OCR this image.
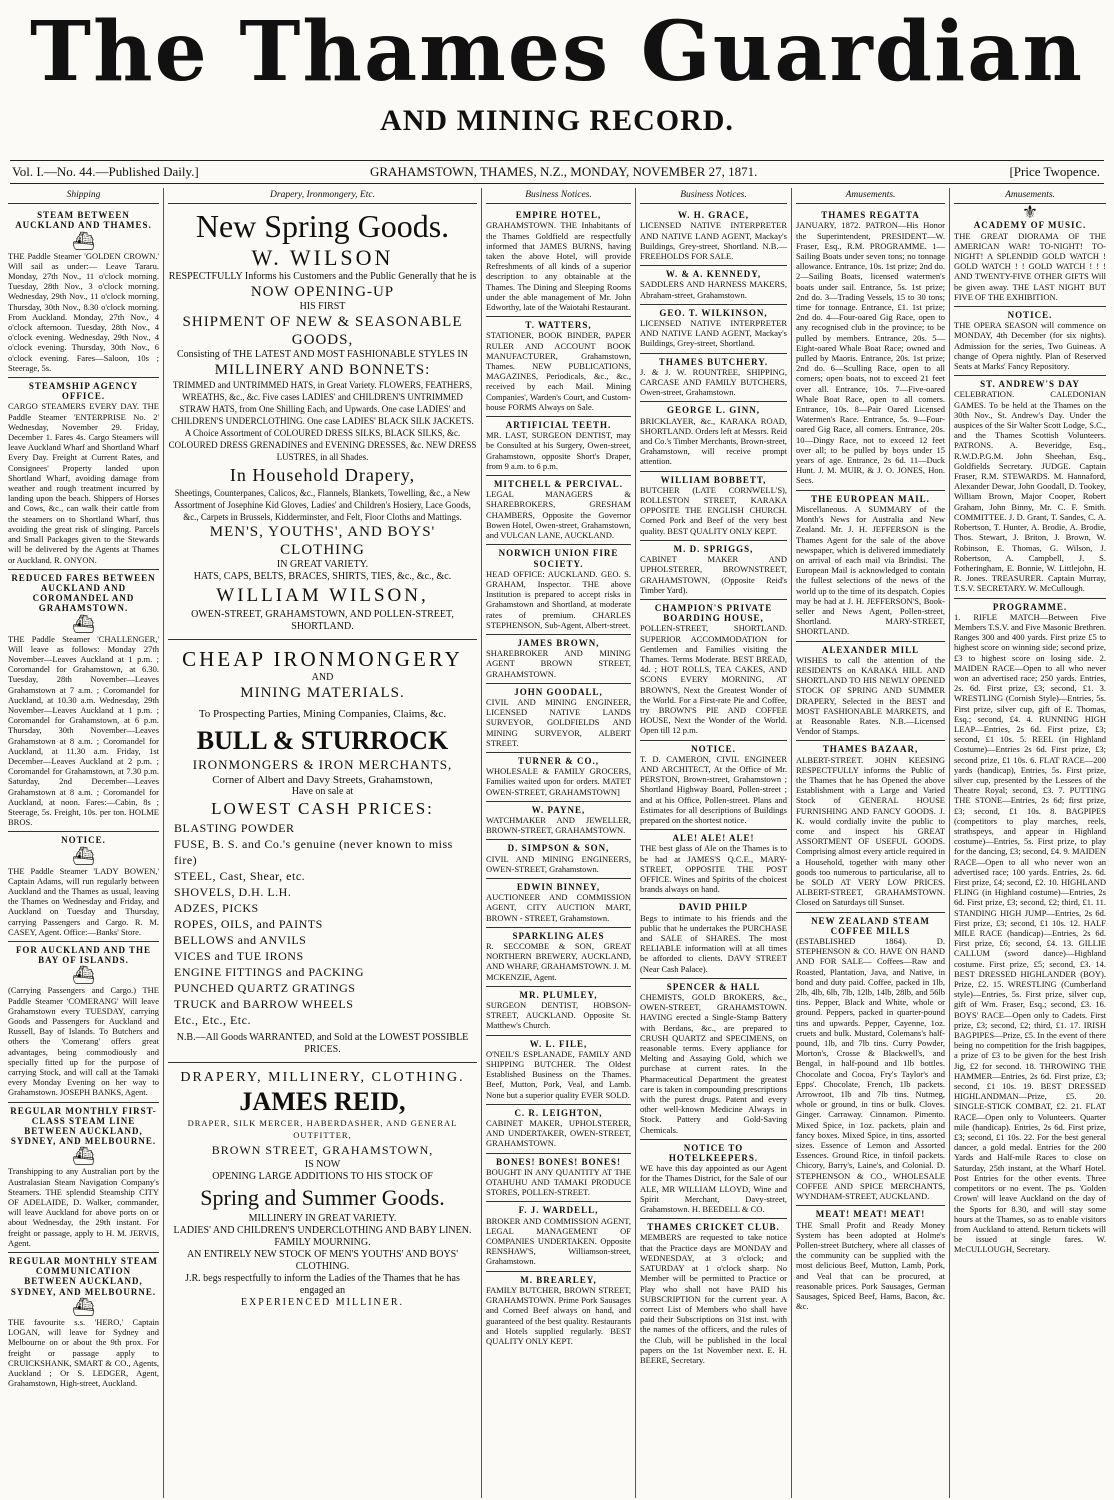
The Thames Guardian
AND MINING RECORD.
Vol. I.—No. 44.—Published Daily.]	GRAHAMSTOWN, THAMES, N.Z., MONDAY, NOVEMBER 27, 1871.	[Price Twopence.
Shipping
STEAM BETWEEN AUCKLAND AND THAMES.
⛴
THE Paddle Steamer 'GOLDEN CROWN.' Will sail as under:— Leave Tararu. Monday, 27th Nov., 11 o'clock morning. Tuesday, 28th Nov., 3 o'clock morning. Wednesday, 29th Nov., 11 o'clock morning. Thursday, 30th Nov., 8.30 o'clock morning. From Auckland. Monday, 27th Nov., 4 o'clock afternoon. Tuesday, 28th Nov., 4 o'clock evening. Wednesday, 29th Nov., 4 o'clock evening. Thursday, 30th Nov., 6 o'clock evening. Fares—Saloon, 10s ; Steerage, 5s.
STEAMSHIP AGENCY OFFICE.
CARGO STEAMERS EVERY DAY. THE Paddle Steamer 'ENTERPRISE No. 2' Wednesday, November 29. Friday, December 1. Fares 4s. Cargo Steamers will leave Auckland Wharf and Shortland Wharf Every Day. Freight at Current Rates, and Consignees' Property landed upon Shortland Wharf, avoiding damage from weather and rough treatment incurred by landing upon the beach. Shippers of Horses and Cows, &c., can walk their cattle from the steamers on to Shortland Wharf, thus avoiding the great risk of slinging. Parcels and Small Packages given to the Stewards will be delivered by the Agents at Thames or Auckland. R. ONYON.
REDUCED FARES BETWEEN AUCKLAND AND COROMANDEL AND GRAHAMSTOWN.
⛴
THE Paddle Steamer 'CHALLENGER,' Will leave as follows: Monday 27th November—Leaves Auckland at 1 p.m. ; Coromandel for Grahamstown, at 6.30. Tuesday, 28th November—Leaves Grahamstown at 7 a.m. ; Coromandel for Auckland, at 10.30 a.m. Wednesday, 29th November—Leaves Auckland at 1 p.m. ; Coromandel for Grahamstown, at 6 p.m. Thursday, 30th November—Leaves Grahamstown at 8 a.m. ; Coromandel for Auckland, at 11.30 a.m. Friday, 1st December—Leaves Auckland at 2 p.m. ; Coromandel for Grahamstown, at 7.30 p.m. Saturday, 2nd December—Leaves Grahamstown at 8 a.m. ; Coromandel for Auckland, at noon. Fares:—Cabin, 8s ; Steerage, 5s. Freight, 10s. per ton. HOLME BROS.
NOTICE.
⛴
THE Paddle Steamer 'LADY BOWEN,' Captain Adams, will run regularly between Auckland and the Thames as usual, leaving the Thames on Wednesday and Friday, and Auckland on Tuesday and Thursday, carrying Passengers and Cargo. R. M. CASEY, Agent. Office:—Banks' Store.
FOR AUCKLAND AND THE BAY OF ISLANDS.
⛴
(Carrying Passengers and Cargo.) THE Paddle Steamer 'COMERANG' Will leave Grahamstown every TUESDAY, carrying Goods and Passengers for Auckland and Russell, Bay of Islands. To Butchers and others the 'Comerang' offers great advantages, being commodiously and specially fitted up for the purpose of carrying Stock, and will call at the Tamaki every Monday Evening on her way to Grahamstown. JOSEPH BANKS, Agent.
REGULAR MONTHLY FIRST-CLASS STEAM LINE BETWEEN AUCKLAND, SYDNEY, AND MELBOURNE.
⛴
Transhipping to any Australian port by the Australasian Steam Navigation Company's Steamers. THE splendid Steamship CITY OF ADELAIDE, D. Walker, commander, will leave Auckland for above ports on or about Wednesday, the 29th instant. For freight or passage, apply to H. M. JERVIS, Agent.
REGULAR MONTHLY STEAM COMMUNICATION BETWEEN AUCKLAND, SYDNEY, AND MELBOURNE.
⛴
THE favourite s.s. 'HERO,' Captain LOGAN, will leave for Sydney and Melbourne on or about the 9th prox. For freight or passage apply to CRUICKSHANK, SMART & CO., Agents, Auckland ; Or S. LEDGER, Agent, Grahamstown, High-street, Auckland.
Drapery, Ironmongery, Etc.
New Spring Goods.
W. WILSON
RESPECTFULLY Informs his Customers and the Public Generally that he is
NOW OPENING-UP
HIS FIRST
SHIPMENT OF NEW & SEASONABLE GOODS,
Consisting of THE LATEST AND MOST FASHIONABLE STYLES IN
MILLINERY AND BONNETS:
TRIMMED and UNTRIMMED HATS, in Great Variety. FLOWERS, FEATHERS, WREATHS, &c., &c. Five cases LADIES' and CHILDREN'S UNTRIMMED STRAW HATS, from One Shilling Each, and Upwards. One case LADIES' and CHILDREN'S UNDERCLOTHING. One case LADIES' BLACK SILK JACKETS. A Choice Assortment of COLOURED DRESS SILKS, BLACK SILKS, &c. COLOURED DRESS GRENADINES and EVENING DRESSES, &c. NEW DRESS LUSTRES, in all Shades.
In Household Drapery,
Sheetings, Counterpanes, Calicos, &c., Flannels, Blankets, Towelling, &c., a New Assortment of Josephine Kid Gloves, Ladies' and Children's Hosiery, Lace Goods, &c., Carpets in Brussels, Kidderminster, and Felt, Floor Cloths and Mattings.
MEN'S, YOUTHS', AND BOYS' CLOTHING
IN GREAT VARIETY.
HATS, CAPS, BELTS, BRACES, SHIRTS, TIES, &c., &c., &c.
WILLIAM WILSON,
OWEN-STREET, GRAHAMSTOWN, AND POLLEN-STREET, SHORTLAND.
CHEAP IRONMONGERY
AND
MINING MATERIALS.
To Prospecting Parties, Mining Companies, Claims, &c.
BULL & STURROCK
IRONMONGERS & IRON MERCHANTS,
Corner of Albert and Davy Streets, Grahamstown,
Have on sale at
LOWEST CASH PRICES:
BLASTING POWDER
FUSE, B. S. and Co.'s genuine (never known to miss fire)
STEEL, Cast, Shear, etc.
SHOVELS, D.H. L.H.
ADZES, PICKS
ROPES, OILS, and PAINTS
BELLOWS and ANVILS
VICES and TUE IRONS
ENGINE FITTINGS and PACKING
PUNCHED QUARTZ GRATINGS
TRUCK and BARROW WHEELS
Etc., Etc., Etc.
N.B.—All Goods WARRANTED, and Sold at the LOWEST POSSIBLE PRICES.
DRAPERY, MILLINERY, CLOTHING.
JAMES REID,
DRAPER, SILK MERCER, HABERDASHER, AND GENERAL OUTFITTER,
BROWN STREET, GRAHAMSTOWN,
IS NOW
OPENING LARGE ADDITIONS TO HIS STOCK OF
Spring and Summer Goods.
MILLINERY IN GREAT VARIETY.
LADIES' AND CHILDREN'S UNDERCLOTHING AND BABY LINEN.
FAMILY MOURNING.
AN ENTIRELY NEW STOCK OF MEN'S YOUTHS' AND BOYS' CLOTHING.
J.R. begs respectfully to inform the Ladies of the Thames that he has engaged an
EXPERIENCED MILLINER.
Business Notices.
EMPIRE HOTEL,
GRAHAMSTOWN. THE Inhabitants of the Thames Goldfield are respectfully informed that JAMES BURNS, having taken the above Hotel, will provide Refreshments of all kinds of a superior description to any obtainable at the Thames. The Dining and Sleeping Rooms under the able management of Mr. John Edworthy, late of the Waiotahi Restaurant.
T. WATTERS,
STATIONER, BOOK BINDER, PAPER RULER AND ACCOUNT BOOK MANUFACTURER, Grahamstown, Thames. NEW PUBLICATIONS, MAGAZINES, Periodicals, &c., &c., received by each Mail. Mining Companies', Warden's Court, and Custom-house FORMS Always on Sale.
ARTIFICIAL TEETH.
MR. LAST, SURGEON DENTIST, may be Consulted at his Surgery, Owen-street, Grahamstown, opposite Short's Draper, from 9 a.m. to 6 p.m.
MITCHELL & PERCIVAL.
LEGAL MANAGERS & SHAREBROKERS, GRESHAM CHAMBERS, Opposite the Governor Bowen Hotel, Owen-street, Grahamstown, and VULCAN LANE, AUCKLAND.
NORWICH UNION FIRE SOCIETY.
HEAD OFFICE: AUCKLAND. GEO. S. GRAHAM, Inspector. THE above Institution is prepared to accept risks in Grahamstown and Shortland, at moderate rates of premium. CHARLES STEPHENSON, Sub-Agent, Albert-street.
JAMES BROWN,
SHAREBROKER AND MINING AGENT BROWN STREET, GRAHAMSTOWN.
JOHN GOODALL,
CIVIL AND MINING ENGINEER, LICENSED NATIVE LANDS SURVEYOR, GOLDFIELDS AND MINING SURVEYOR, ALBERT STREET.
TURNER & CO.,
WHOLESALE & FAMILY GROCERS, Families waited upon for orders. MATET OWEN-STREET, GRAHAMSTOWN]
W. PAYNE,
WATCHMAKER AND JEWELLER, BROWN-STREET, GRAHAMSTOWN.
D. SIMPSON & SON,
CIVIL AND MINING ENGINEERS, OWEN-STREET, Grahamstown.
EDWIN BINNEY,
AUCTIONEER AND COMMISSION AGENT, CITY AUCTION MART, BROWN - STREET, Grahamstown.
SPARKLING ALES
R. SECCOMBE & SON, GREAT NORTHERN BREWERY, AUCKLAND, AND WHARF, GRAHAMSTOWN. J. M. MCKENZIE, Agent.
MR. PLUMLEY,
SURGEON DENTIST, HOBSON-STREET, AUCKLAND. Opposite St. Matthew's Church.
W. L. FILE,
O'NEIL'S ESPLANADE, FAMILY AND SHIPPING BUTCHER. The Oldest Established Business on the Thames. Beef, Mutton, Pork, Veal, and Lamb. None but a superior quality EVER SOLD.
C. R. LEIGHTON,
CABINET MAKER, UPHOLSTERER, AND UNDERTAKER, OWEN-STREET, GRAHAMSTOWN.
BONES! BONES! BONES!
BOUGHT IN ANY QUANTITY AT THE OTAHUHU AND TAMAKI PRODUCE STORES, POLLEN-STREET.
F. J. WARDELL,
BROKER AND COMMISSION AGENT, LEGAL MANAGEMENT OF COMPANIES UNDERTAKEN. Opposite RENSHAW'S, Williamson-street, Grahamstown.
M. BREARLEY,
FAMILY BUTCHER, BROWN STREET, GRAHAMSTOWN. Prime Pork Sausages and Corned Beef always on hand, and guaranteed of the best quality. Restaurants and Hotels supplied regularly. BEST QUALITY ONLY KEPT.
Business Notices.
W. H. GRACE,
LICENSED NATIVE INTERPRETER AND NATIVE LAND AGENT, Mackay's Buildings, Grey-street, Shortland. N.B.—FREEHOLDS FOR SALE.
W. & A. KENNEDY,
SADDLERS AND HARNESS MAKERS, Abraham-street, Grahamstown.
GEO. T. WILKINSON,
LICENSED NATIVE INTERPRETER AND NATIVE LAND AGENT, Mackay's Buildings, Grey-street, Shortland.
THAMES BUTCHERY.
J. & J. W. ROUNTREE, SHIPPING, CARCASE AND FAMILY BUTCHERS, Owen-street, Grahamstown.
GEORGE L. GINN,
BRICKLAYER, &c., KARAKA ROAD, SHORTLAND. Orders left at Messrs. Reid and Co.'s Timber Merchants, Brown-street, Grahamstown, will receive prompt attention.
WILLIAM BOBBETT,
BUTCHER (LATE CORNWELL'S), ROLLESTON STREET, KARAKA OPPOSITE THE ENGLISH CHURCH. Corned Pork and Beef of the very best quality. BEST QUALITY ONLY KEPT.
M. D. SPRIGGS,
CABINET MAKER AND UPHOLSTERER, BROWNSTREET, GRAHAMSTOWN, (Opposite Reid's Timber Yard).
CHAMPION'S PRIVATE BOARDING HOUSE,
POLLEN-STREET, SHORTLAND. SUPERIOR ACCOMMODATION for Gentlemen and Families visiting the Thames. Terms Moderate. BEST BREAD, 4d. ; HOT ROLLS, TEA CAKES, AND SCONS EVERY MORNING, AT BROWN'S, Next the Greatest Wonder of the World. For a First-rate Pie and Coffee, try BROWN'S PIE AND COFFEE HOUSE, Next the Wonder of the World. Open till 12 p.m.
NOTICE.
T. D. CAMERON, CIVIL ENGINEER AND ARCHITECT, At the Office of Mr. PERSTON, Brown-street, Grahamstown ; Shortland Highway Board, Pollen-street ; and at his Office, Pollen-street. Plans and Estimates for all descriptions of Buildings prepared on the shortest notice.
ALE! ALE! ALE!
THE best glass of Ale on the Thames is to be had at JAMES'S Q.C.E., MARY-STREET, OPPOSITE THE POST OFFICE. Wines and Spirits of the choicest brands always on hand.
DAVID PHILP
Begs to intimate to his friends and the public that he undertakes the PURCHASE and SALE of SHARES. The most RELIABLE information will at all times be afforded to clients. DAVY STREET (Near Cash Palace).
SPENCER & HALL
CHEMISTS, GOLD BROKERS, &c., OWEN-STREET, GRAHAMSTOWN. HAVING erected a Single-Stamp Battery with Berdans, &c., are prepared to CRUSH QUARTZ and SPECIMENS, on reasonable terms. Every appliance for Melting and Assaying Gold, which we purchase at current rates. In the Pharmaceutical Department the greatest care is taken in compounding prescriptions with the purest drugs. Patent and every other well-known Medicine Always in Stock. Pattery and Gold-Saving Chemicals.
NOTICE TO HOTELKEEPERS.
WE have this day appointed as our Agent for the Thames District, for the Sale of our ALE, MR WILLIAM LLOYD, Wine and Spirit Merchant, Davy-street, Grahamstown. H. BEEDELL & CO.
THAMES CRICKET CLUB.
MEMBERS are requested to take notice that the Practice days are MONDAY and WEDNESDAY, at 3 o'clock; and SATURDAY at 1 o'clock sharp. No Member will be permitted to Practice or Play who shall not have PAID his SUBSCRIPTION for the current year. A correct List of Members who shall have paid their Subscriptions on 31st inst. with the names of the officers, and the rules of the Club, will be published in the local papers on the 1st November next. E. H. BEERE, Secretary.
Amusements.
THAMES REGATTA
JANUARY, 1872. PATRON—His Honor the Superintendent, PRESIDENT—W. Fraser, Esq., R.M. PROGRAMME. 1—Sailing Boats under seven tons; no tonnage allowance. Entrance, 10s. 1st prize; 2nd do. 2—Sailing Boats, licensed watermen's boats under sail. Entrance, 5s. 1st prize; 2nd do. 3—Trading Vessels, 15 to 30 tons; time for tonnage. Entrance, £1. 1st prize; 2nd do. 4—Four-oared Gig Race, open to any recognised club in the province; to be pulled by members. Entrance, 20s. 5—Eight-oared Whale Boat Race; owned and pulled by Maoris. Entrance, 20s. 1st prize; 2nd do. 6—Sculling Race, open to all comers; open boats, not to exceed 21 feet over all. Entrance, 10s. 7—Five-oared Whale Boat Race, open to all comers. Entrance, 10s. 8—Pair Oared Licensed Watermen's Race. Entrance, 5s. 9—Four-oared Gig Race, all comers. Entrance, 20s. 10—Dingy Race, not to exceed 12 feet over all; to be pulled by boys under 15 years of age. Entrance, 2s 6d. 11—Duck Hunt. J. M. MUIR, & J. O. JONES, Hon. Secs.
THE EUROPEAN MAIL.
Miscellaneous. A SUMMARY of the Month's News for Australia and New Zealand. Mr. J. H. JEFFERSON is the Thames Agent for the sale of the above newspaper, which is delivered immediately on arrival of each mail via Brindisi. The European Mail is acknowledged to contain the fullest selections of the news of the world up to the time of its despatch. Copies may be had at J. H. JEFFERSON'S, Book-seller and News Agent, Pollen-street, Shortland. MARY-STREET, SHORTLAND.
ALEXANDER MILL
WISHES to call the attention of the RESIDENTS on KARAKA HILL AND SHORTLAND TO HIS NEWLY OPENED STOCK OF SPRING AND SUMMER DRAPERY, Selected in the BEST and MOST FASHIONABLE MARKETS, and at Reasonable Rates. N.B.—Licensed Vendor of Stamps.
THAMES BAZAAR,
ALBERT-STREET. JOHN KEESING RESPECTFULLY informs the Public of the Thames that he has Opened the above Establishment with a Large and Varied Stock of GENERAL HOUSE FURNISHING AND FANCY GOODS. J. K. would cordially invite the public to come and inspect his GREAT ASSORTMENT OF USEFUL GOODS. Comprising almost every article required in a Household, together with many other goods too numerous to particularise, all to be SOLD AT VERY LOW PRICES. ALBERT-STREET, GRAHAMSTOWN. Closed on Saturdays till Sunset.
NEW ZEALAND STEAM COFFEE MILLS
(ESTABLISHED 1864). D. STEPHENSON & CO. HAVE ON HAND AND FOR SALE— Coffees—Raw and Roasted, Plantation, Java, and Native, in bond and duty paid. Coffee, packed in 1lb, 2lb, 4lb, 6lb, 7lb, 12lb, 14lb, 28lb, and 56lb tins. Pepper, Black and White, whole or ground. Peppers, packed in quarter-pound tins and upwards. Pepper, Cayenne, 1oz. cruets and bulk. Mustard, Colemans's half-pound, 1lb, and 7lb tins. Curry Powder, Morton's, Crosse & Blackwell's, and Bengal, in half-pound and 1lb bottles. Chocolate and Cocoa, Fry's Taylor's and Epps'. Chocolate, French, 1lb packets. Arrowroot, 1lb and 7lb tins. Nutmeg, whole or ground, in tins or bulk. Cloves. Ginger. Carraway. Cinnamon. Pimento. Mixed Spice, in 1oz. packets, plain and fancy boxes. Mixed Spice, in tins, assorted sizes. Essence of Lemon and Assorted Essences. Ground Rice, in tinfoil packets. Chicory, Barry's, Laine's, and Colonial. D. STEPHENSON & CO., WHOLESALE COFFEE AND SPICE MERCHANTS, WYNDHAM-STREET, AUCKLAND.
MEAT! MEAT! MEAT!
THE Small Profit and Ready Money System has been adopted at Holme's Pollen-street Butchery, where all classes of the community can be supplied with the most delicious Beef, Mutton, Lamb, Pork, and Veal that can be procured, at reasonable prices. Pork Sausages, German Sausages, Spiced Beef, Hams, Bacon, &c. &c.
Amusements.
⚜
ACADEMY OF MUSIC.
THE GREAT DIORAMA OF THE AMERICAN WAR! TO-NIGHT! TO-NIGHT! A SPLENDID GOLD WATCH ! GOLD WATCH ! ! GOLD WATCH ! ! ! AND TWENTY-FIVE OTHER GIFTS Will be given away. THE LAST NIGHT BUT FIVE OF THE EXHIBITION.
NOTICE.
THE OPERA SEASON will commence on MONDAY, 4th December (for six nights). Admission for the series, Two Guineas. A change of Opera nightly. Plan of Reserved Seats at Marks' Fancy Repository.
ST. ANDREW'S DAY
CELEBRATION. CALEDONIAN GAMES. To be held at the Thames on the 30th Nov., St. Andrew's Day. Under the auspices of the Sir Walter Scott Lodge, S.C., and the Thames Scottish Volunteers. PATRONS. A. Beveridge, Esq., R.W.D.P.G.M. John Sheehan, Esq., Goldfields Secretary. JUDGE. Captain Fraser, R.M. STEWARDS. M. Hannaford, Alexander Dewar, John Goodall, D. Tookey, William Brown, Major Cooper, Robert Graham, John Binny, Mr. C. F. Smith. COMMITTEE. J. D. Grant, T. Sandes, C. A. Robertson, T. Hunter, A. Brodie, A. Brodie, Thos. Stewart, J. Briton, J. Brown, W. Robinson, E. Thomas, G. Wilson, J. Robertson, A. Campbell, J. S. Fotheringham, E. Bonnie, W. Littlejohn, H. R. Jones. TREASURER. Captain Murray, T.S.V. SECRETARY. W. McCullough.
PROGRAMME.
1. RIFLE MATCH—Between Five Members T.S.V. and Five Masonic Brethren. Ranges 300 and 400 yards. First prize £5 to highest score on winning side; second prize, £3 to highest score on losing side. 2. MAIDEN RACE—Open to all who never won an advertised race; 250 yards. Entries, 2s. 6d. First prize, £3; second, £1. 3. WRESTLING (Cornish Style)—Entries, 5s. First prize, silver cup, gift of E. Thomas, Esq.; second, £4. 4. RUNNING HIGH LEAP—Entries, 2s 6d. First prize, £3; second, £1 10s. 5. REEL (in Highland Costume)—Entries 2s 6d. First prize, £3; second prize, £1 10s. 6. FLAT RACE—200 yards (handicap), Entries, 5s. First prize, silver cup, presented by the Lessees of the Theatre Royal; second, £3. 7. PUTTING THE STONE—Entries, 2s 6d; first prize, £3; second, £1 10s. 8. BAGPIPES (competitors to play marches, reels, strathspeys, and appear in Highland costume)—Entries, 5s. First prize, to play for the dancing, £3; second, £4. 9. MAIDEN RACE—Open to all who never won an advertised race; 100 yards. Entries, 2s. 6d. First prize, £4; second, £2. 10. HIGHLAND FLING (in Highland costume)—Entries, 2s 6d. First prize, £3; second, £2; third, £1. 11. STANDING HIGH JUMP—Entries, 2s 6d. First prize, £3; second, £1 10s. 12. HALF MILE RACE (handicap)—Entries, 2s 6d. First prize, £6; second, £4. 13. GILLIE CALLUM (sword dance)—Highland costume. First prize, £5; second, £3. 14. BEST DRESSED HIGHLANDER (BOY). Prize, £2. 15. WRESTLING (Cumberland style)—Entries, 5s. First prize, silver cup, gift of Wm. Fraser, Esq.; second, £3. 16. BOYS' RACE—Open only to Cadets. First prize, £3; second, £2; third, £1. 17. IRISH BAGPIPES—Prize, £5. In the event of there being no competition for the Irish bagpipes, a prize of £3 to be given for the best Irish Jig, £2 for second. 18. THROWING THE HAMMER—Entries, 2s 6d. First prize, £3; second, £1 10s. 19. BEST DRESSED HIGHLANDMAN—Prize, £5. 20. SINGLE-STICK COMBAT, £2. 21. FLAT RACE—Open only to Volunteers. Quarter mile (handicap). Entries, 2s 6d. First prize, £3; second, £1 10s. 22. For the best general dancer, a gold medal. Entries for the 200 Yards and Half-mile Races to close on Saturday, 25th instant, at the Wharf Hotel. Post Entries for the other events. Three competitors or no event. The ps. 'Golden Crown' will leave Auckland on the day of the Sports for 8.30, and will stay some hours at the Thames, so as to enable visitors from Auckland to attend. Return tickets will be issued at single fares. W. McCULLOUGH, Secretary.
